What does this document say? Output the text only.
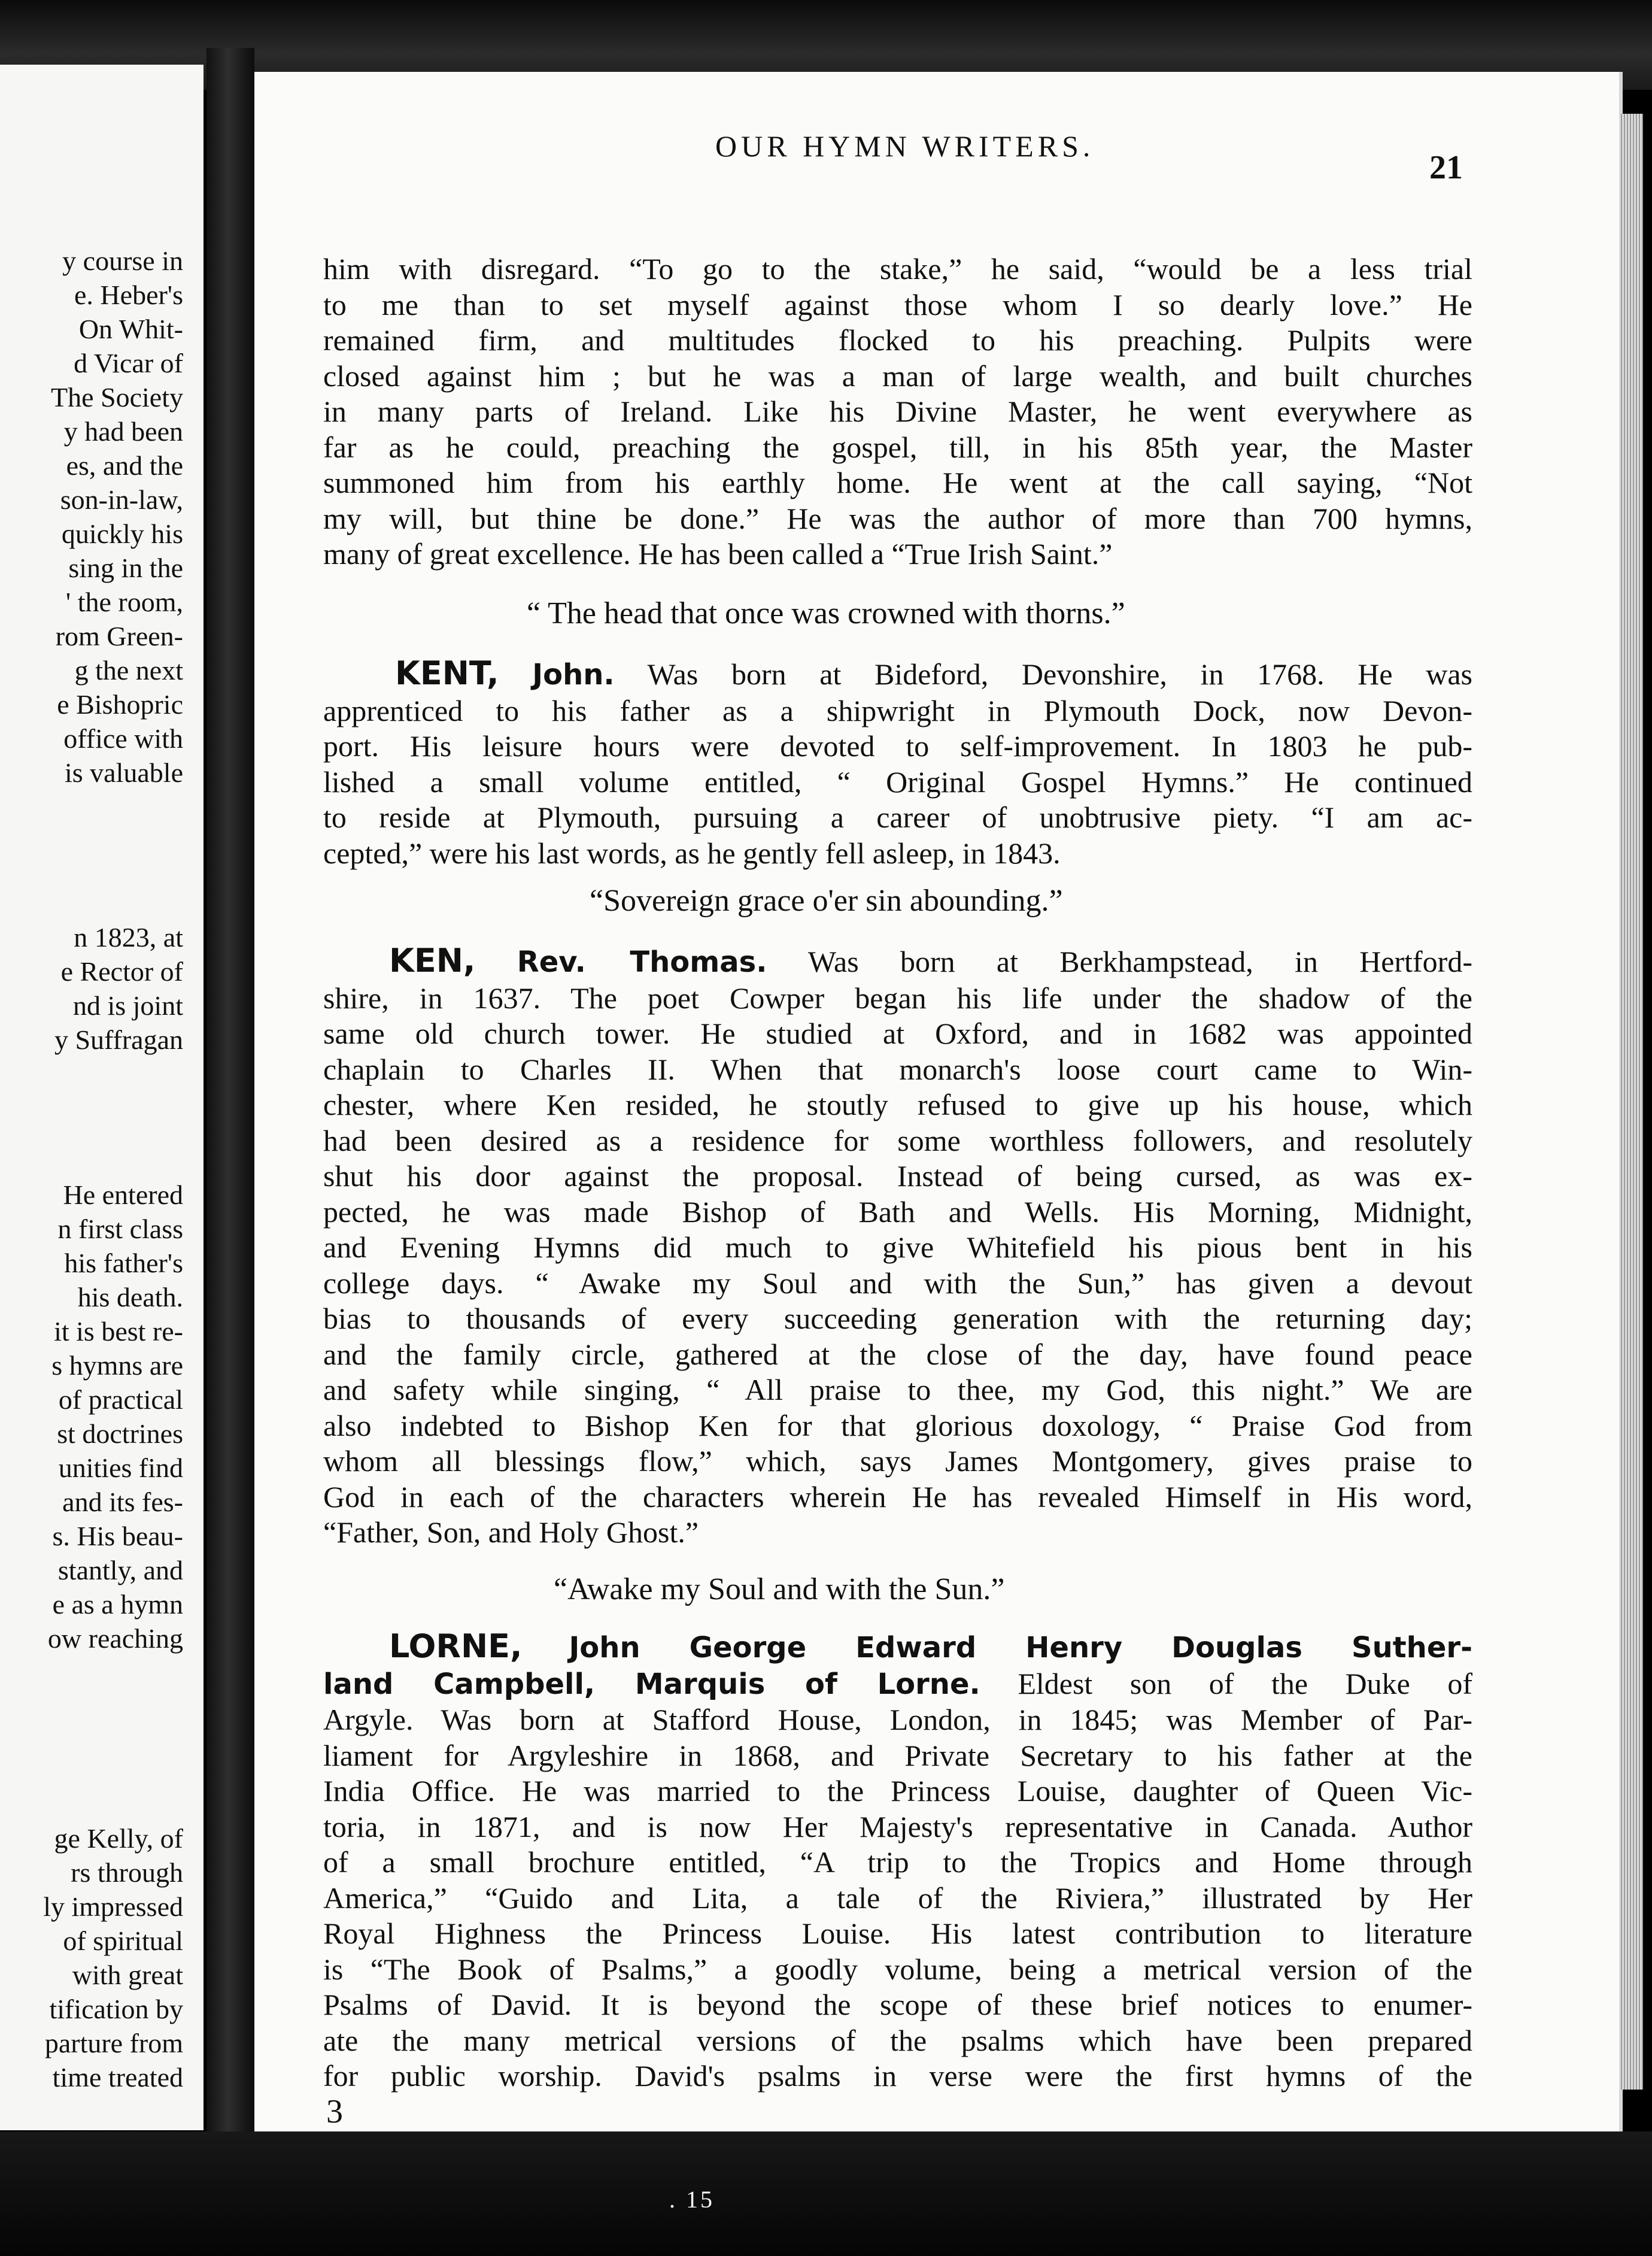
y course in
e. Heber's
On Whit-
d Vicar of
The Society
y had been
es, and the
son-in-law,
quickly his
sing in the
' the room,
rom Green-
g the next
e Bishopric
office with
is valuable
n 1823, at
e Rector of
nd is joint
y Suffragan
He entered
n first class
his father's
his death.
it is best re-
s hymns are
of practical
st doctrines
unities find
and its fes-
s. His beau-
stantly, and
e as a hymn
ow reaching
ge Kelly, of
rs through
ly impressed
of spiritual
with great
tification by
parture from
time treated
OUR HYMN WRITERS.
21

him with disregard. “To go to the stake,” he said, “would be a less trial

to me than to set myself against those whom I so dearly love.” He

remained firm, and multitudes flocked to his preaching. Pulpits were

closed against him ; but he was a man of large wealth, and built churches

in many parts of Ireland. Like his Divine Master, he went everywhere as

far as he could, preaching the gospel, till, in his 85th year, the Master

summoned him from his earthly home. He went at the call saying, “Not

my will, but thine be done.” He was the author of more than 700 hymns,

many of great excellence. He has been called a “True Irish Saint.”

“ The head that once was crowned with thorns.”

KENT, John. Was born at Bideford, Devonshire, in 1768. He was

apprenticed to his father as a shipwright in Plymouth Dock, now Devon-

port. His leisure hours were devoted to self-improvement. In 1803 he pub-

lished a small volume entitled, “ Original Gospel Hymns.” He continued

to reside at Plymouth, pursuing a career of unobtrusive piety. “I am ac-

cepted,” were his last words, as he gently fell asleep, in 1843.

“Sovereign grace o'er sin abounding.”

KEN, Rev. Thomas. Was born at Berkhampstead, in Hertford-

shire, in 1637. The poet Cowper began his life under the shadow of the

same old church tower. He studied at Oxford, and in 1682 was appointed

chaplain to Charles II. When that monarch's loose court came to Win-

chester, where Ken resided, he stoutly refused to give up his house, which

had been desired as a residence for some worthless followers, and resolutely

shut his door against the proposal. Instead of being cursed, as was ex-

pected, he was made Bishop of Bath and Wells. His Morning, Midnight,

and Evening Hymns did much to give Whitefield his pious bent in his

college days. “ Awake my Soul and with the Sun,” has given a devout

bias to thousands of every succeeding generation with the returning day;

and the family circle, gathered at the close of the day, have found peace

and safety while singing, “ All praise to thee, my God, this night.” We are

also indebted to Bishop Ken for that glorious doxology, “ Praise God from

whom all blessings flow,” which, says James Montgomery, gives praise to

God in each of the characters wherein He has revealed Himself in His word,

“Father, Son, and Holy Ghost.”

“Awake my Soul and with the Sun.”

LORNE, John George Edward Henry Douglas Suther-

land Campbell, Marquis of Lorne. Eldest son of the Duke of

Argyle. Was born at Stafford House, London, in 1845; was Member of Par-

liament for Argyleshire in 1868, and Private Secretary to his father at the

India Office. He was married to the Princess Louise, daughter of Queen Vic-

toria, in 1871, and is now Her Majesty's representative in Canada. Author

of a small brochure entitled, “A trip to the Tropics and Home through

America,” “Guido and Lita, a tale of the Riviera,” illustrated by Her

Royal Highness the Princess Louise. His latest contribution to literature

is “The Book of Psalms,” a goodly volume, being a metrical version of the

Psalms of David. It is beyond the scope of these brief notices to enumer-

ate the many metrical versions of the psalms which have been prepared

for public worship. David's psalms in verse were the first hymns of the

3
. 15
